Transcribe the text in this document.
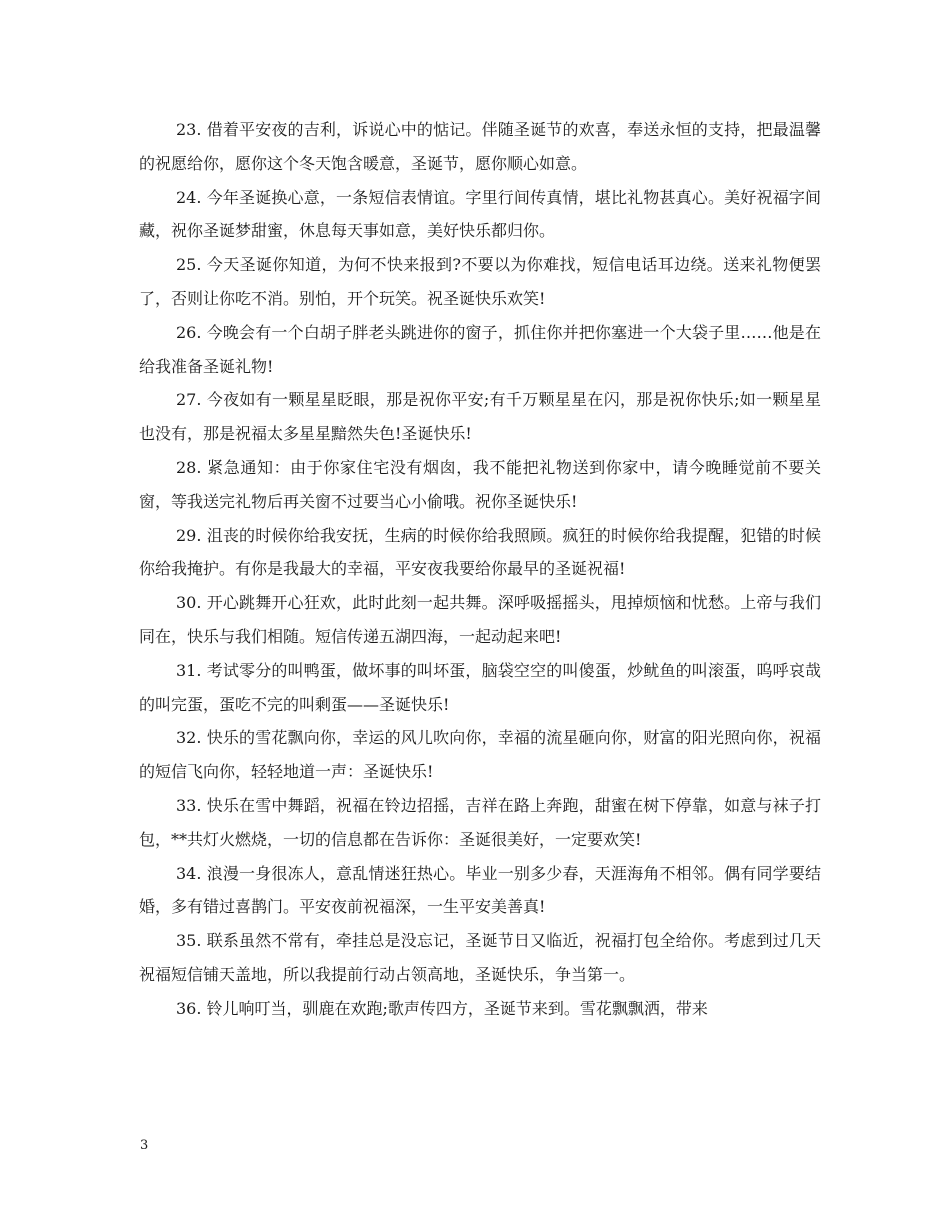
23. 借着平安夜的吉利，诉说心中的惦记。伴随圣诞节的欢喜，奉送永恒的支持，把最温馨的祝愿给你，愿你这个冬天饱含暖意，圣诞节，愿你顺心如意。

24. 今年圣诞换心意，一条短信表情谊。字里行间传真情，堪比礼物甚真心。美好祝福字间藏，祝你圣诞梦甜蜜，休息每天事如意，美好快乐都归你。

25. 今天圣诞你知道，为何不快来报到?不要以为你难找，短信电话耳边绕。送来礼物便罢了，否则让你吃不消。别怕，开个玩笑。祝圣诞快乐欢笑!

26. 今晚会有一个白胡子胖老头跳进你的窗子，抓住你并把你塞进一个大袋子里……他是在给我准备圣诞礼物!

27. 今夜如有一颗星星眨眼，那是祝你平安;有千万颗星星在闪，那是祝你快乐;如一颗星星也没有，那是祝福太多星星黯然失色!圣诞快乐!

28. 紧急通知：由于你家住宅没有烟囱，我不能把礼物送到你家中，请今晚睡觉前不要关窗，等我送完礼物后再关窗不过要当心小偷哦。祝你圣诞快乐!

29. 沮丧的时候你给我安抚，生病的时候你给我照顾。疯狂的时候你给我提醒，犯错的时候你给我掩护。有你是我最大的幸福，平安夜我要给你最早的圣诞祝福!

30. 开心跳舞开心狂欢，此时此刻一起共舞。深呼吸摇摇头，甩掉烦恼和忧愁。上帝与我们同在，快乐与我们相随。短信传递五湖四海，一起动起来吧!

31. 考试零分的叫鸭蛋，做坏事的叫坏蛋，脑袋空空的叫傻蛋，炒鱿鱼的叫滚蛋，呜呼哀哉的叫完蛋，蛋吃不完的叫剩蛋——圣诞快乐!

32. 快乐的雪花飘向你，幸运的风儿吹向你，幸福的流星砸向你，财富的阳光照向你，祝福的短信飞向你，轻轻地道一声：圣诞快乐!

33. 快乐在雪中舞蹈，祝福在铃边招摇，吉祥在路上奔跑，甜蜜在树下停靠，如意与袜子打包，**共灯火燃烧，一切的信息都在告诉你：圣诞很美好，一定要欢笑!

34. 浪漫一身很冻人，意乱情迷狂热心。毕业一别多少春，天涯海角不相邻。偶有同学要结婚，多有错过喜鹊门。平安夜前祝福深，一生平安美善真!

35. 联系虽然不常有，牵挂总是没忘记，圣诞节日又临近，祝福打包全给你。考虑到过几天祝福短信铺天盖地，所以我提前行动占领高地，圣诞快乐，争当第一。

36. 铃儿响叮当，驯鹿在欢跑;歌声传四方，圣诞节来到。雪花飘飘洒，带来

3
